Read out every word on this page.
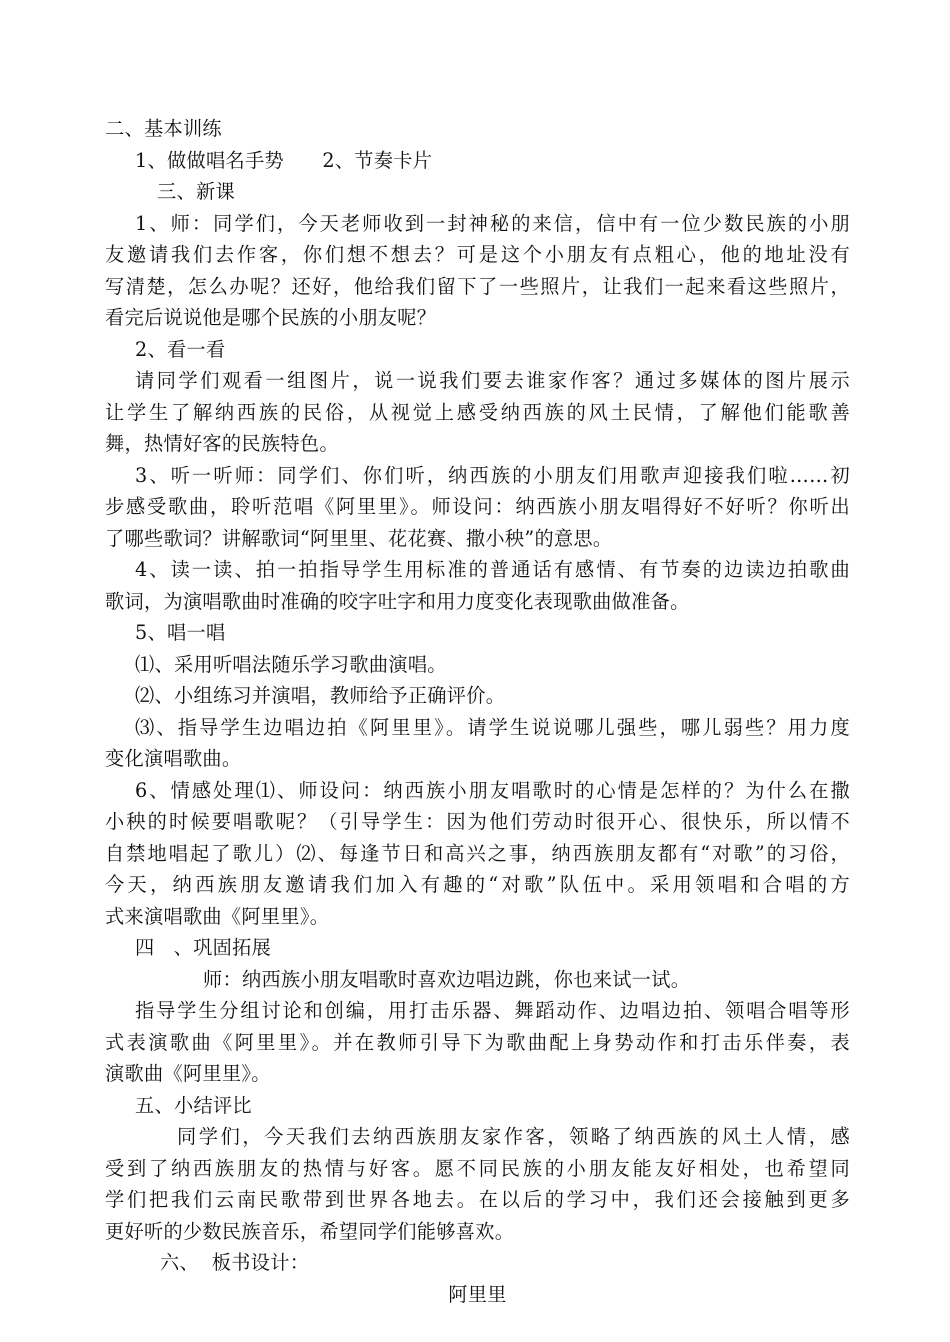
二、基本训练
1、做做唱名手势      2、节奏卡片
三、新课
1、师：同学们，今天老师收到一封神秘的来信，信中有一位少数民族的小朋
友邀请我们去作客，你们想不想去？可是这个小朋友有点粗心，他的地址没有
写清楚，怎么办呢？还好，他给我们留下了一些照片，让我们一起来看这些照片，
看完后说说他是哪个民族的小朋友呢？
2、看一看
请同学们观看一组图片，说一说我们要去谁家作客？通过多媒体的图片展示
让学生了解纳西族的民俗，从视觉上感受纳西族的风土民情，了解他们能歌善
舞，热情好客的民族特色。
3、听一听师：同学们、你们听，纳西族的小朋友们用歌声迎接我们啦……初
步感受歌曲，聆听范唱《阿里里》。师设问：纳西族小朋友唱得好不好听？你听出
了哪些歌词？讲解歌词“阿里里、花花赛、撒小秧”的意思。
4、读一读、拍一拍指导学生用标准的普通话有感情、有节奏的边读边拍歌曲
歌词，为演唱歌曲时准确的咬字吐字和用力度变化表现歌曲做准备。
5、唱一唱
⑴、采用听唱法随乐学习歌曲演唱。
⑵、小组练习并演唱，教师给予正确评价。
⑶、指导学生边唱边拍《阿里里》。请学生说说哪儿强些，哪儿弱些？用力度
变化演唱歌曲。
6、情感处理⑴、师设问：纳西族小朋友唱歌时的心情是怎样的？为什么在撒
小秧的时候要唱歌呢？（引导学生：因为他们劳动时很开心、很快乐，所以情不
自禁地唱起了歌儿）⑵、每逢节日和高兴之事，纳西族朋友都有“对歌”的习俗，
今天，纳西族朋友邀请我们加入有趣的“对歌”队伍中。采用领唱和合唱的方
式来演唱歌曲《阿里里》。
四   、巩固拓展
师：纳西族小朋友唱歌时喜欢边唱边跳，你也来试一试。
指导学生分组讨论和创编，用打击乐器、舞蹈动作、边唱边拍、领唱合唱等形
式表演歌曲《阿里里》。并在教师引导下为歌曲配上身势动作和打击乐伴奏，表
演歌曲《阿里里》。
五、小结评比
同学们，今天我们去纳西族朋友家作客，领略了纳西族的风土人情，感
受到了纳西族朋友的热情与好客。愿不同民族的小朋友能友好相处，也希望同
学们把我们云南民歌带到世界各地去。在以后的学习中，我们还会接触到更多
更好听的少数民族音乐，希望同学们能够喜欢。
六、  板书设计：
阿里里
